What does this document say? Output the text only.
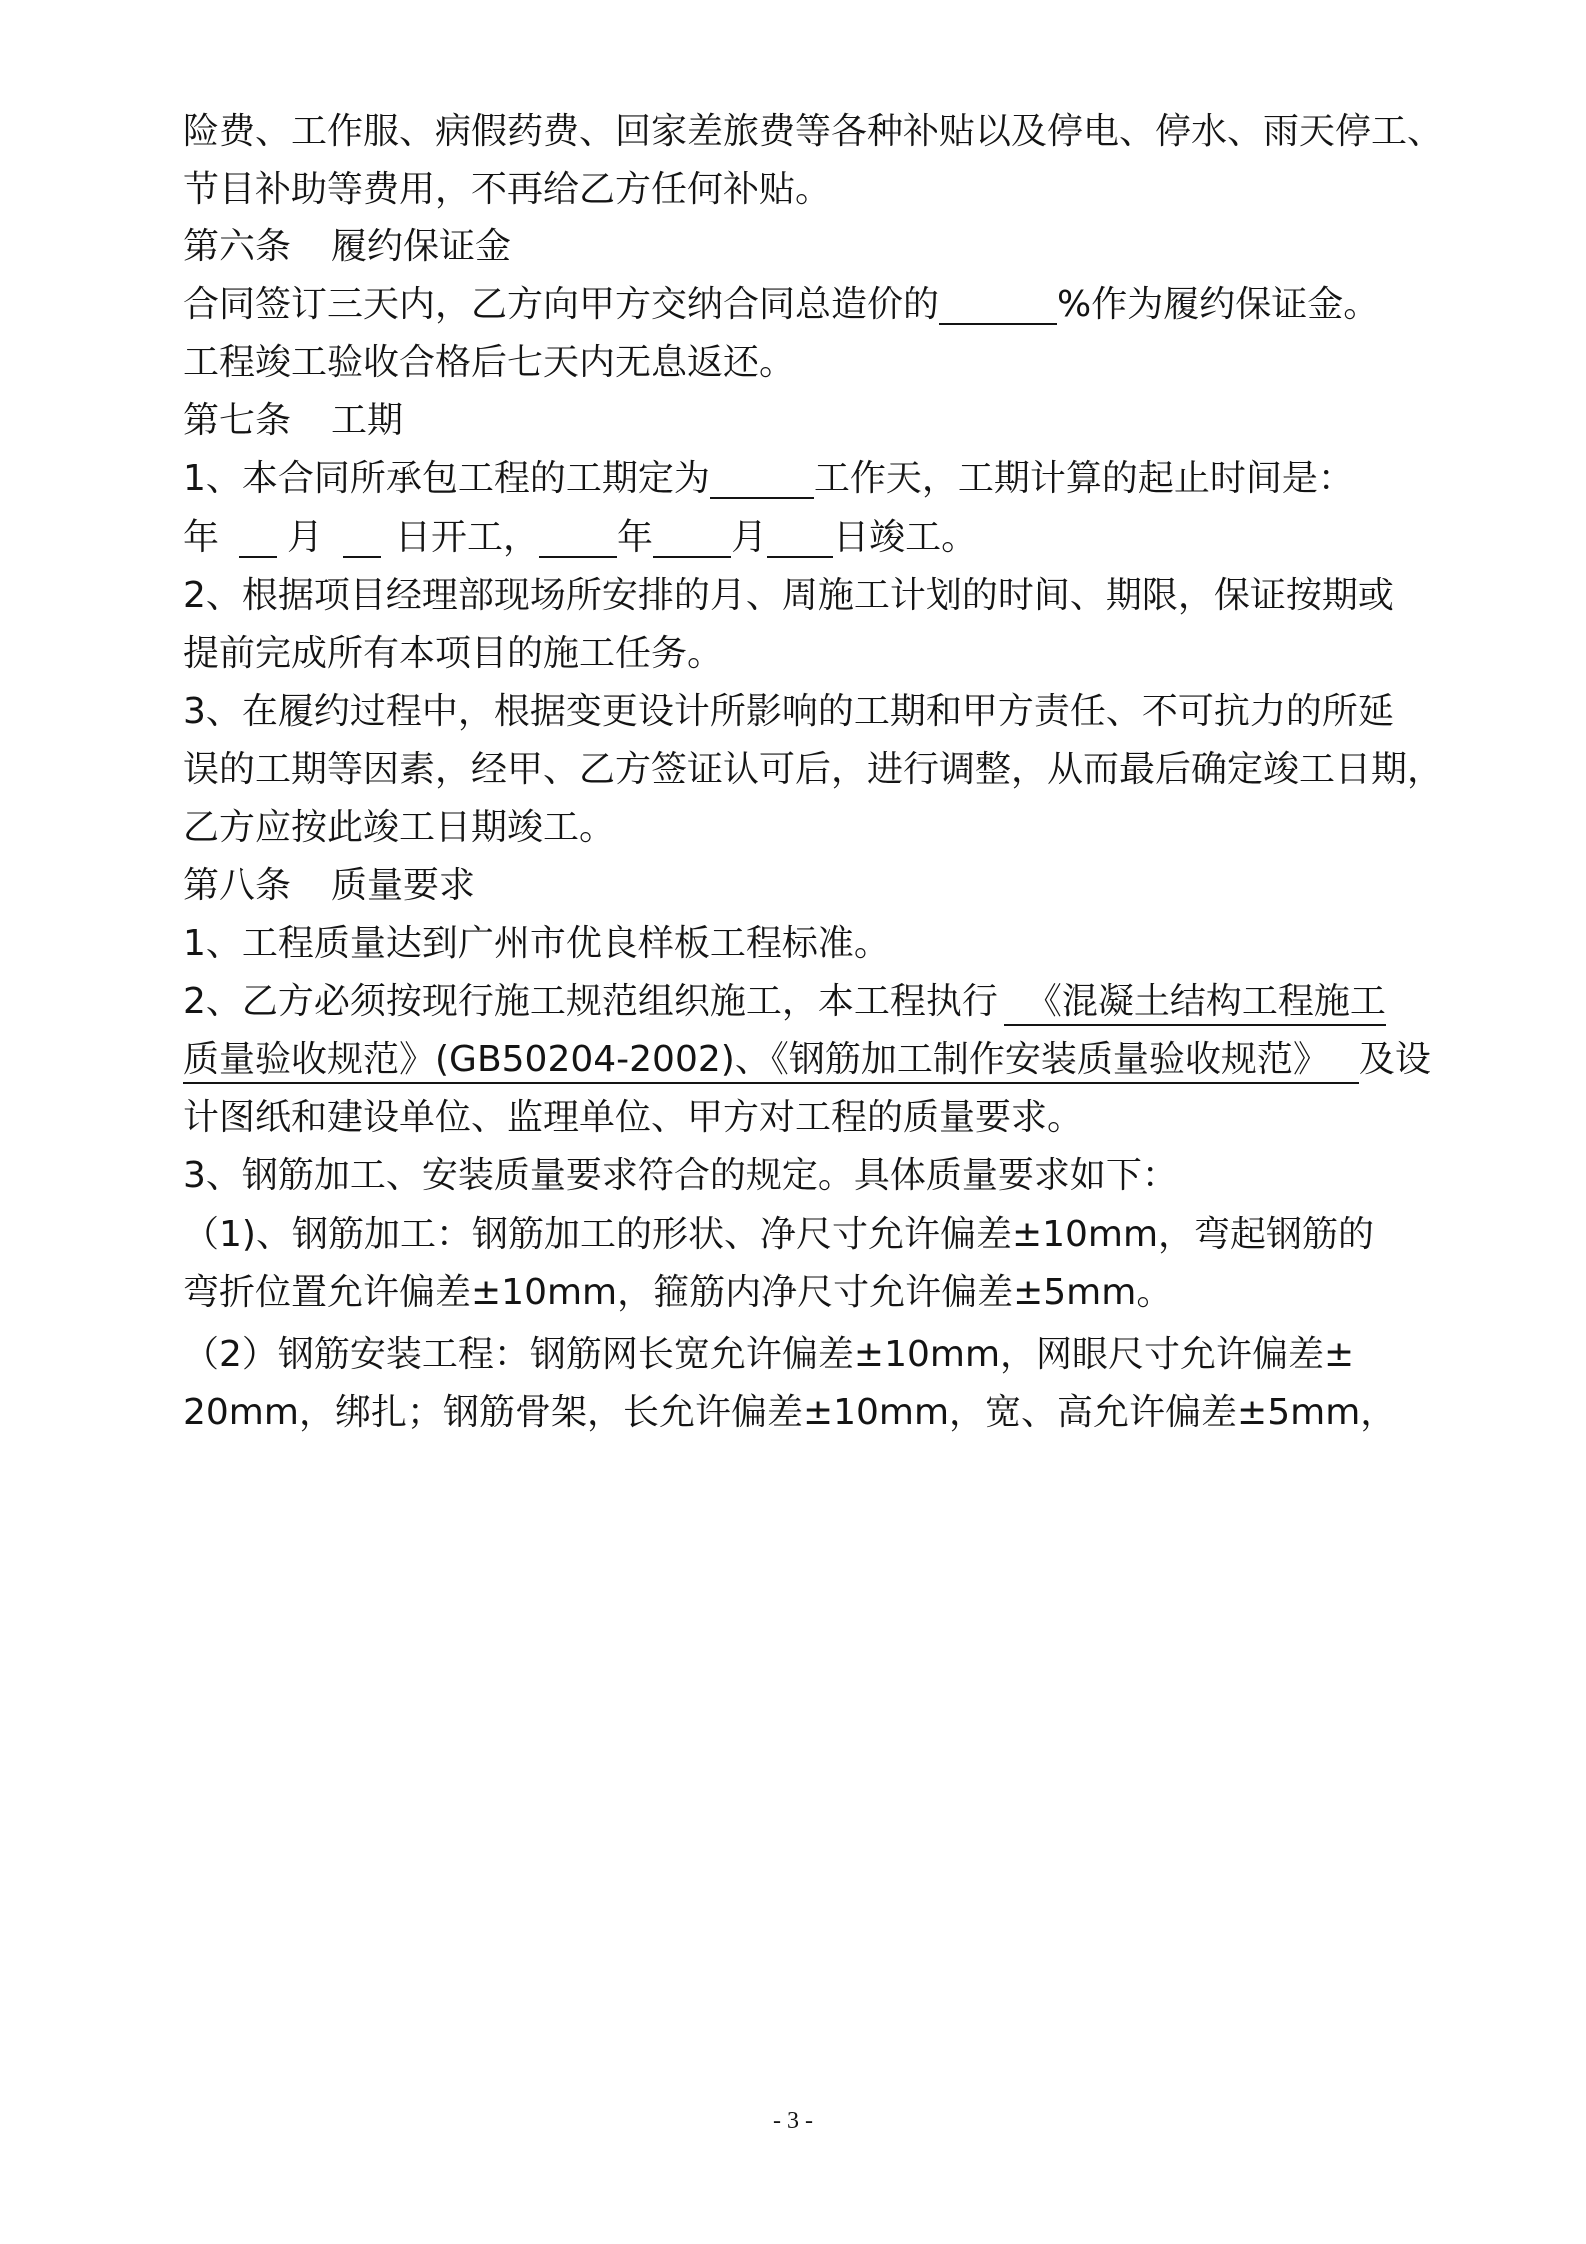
险费、工作服、病假药费、回家差旅费等各种补贴以及停电、停水、雨天停工、
节目补助等费用，不再给乙方任何补贴。
第六条 履约保证金
合同签订三天内，乙方向甲方交纳合同总造价的	%作为履约保证金。
工程竣工验收合格后七天内无息返还。
第七条 工期
1、本合同所承包工程的工期定为	工作天，工期计算的起止时间是：
年 月 日开工， 年 月 日竣工。
2、根据项目经理部现场所安排的月、周施工计划的时间、期限，保证按期或
提前完成所有本项目的施工任务。
3、在履约过程中，根据变更设计所影响的工期和甲方责任、不可抗力的所延
误的工期等因素，经甲、乙方签证认可后，进行调整，从而最后确定竣工日期，
乙方应按此竣工日期竣工。
第八条 质量要求
1、工程质量达到广州市优良样板工程标准。
2、乙方必须按现行施工规范组织施工，本工程执行 《混凝土结构工程施工
质量验收规范》(GB50204-2002)、《钢筋加工制作安装质量验收规范》 及设
计图纸和建设单位、监理单位、甲方对工程的质量要求。
3、钢筋加工、安装质量要求符合的规定。具体质量要求如下：
（1)、钢筋加工：钢筋加工的形状、净尺寸允许偏差±10mm，弯起钢筋的
弯折位置允许偏差±10mm，箍筋内净尺寸允许偏差±5mm。
（2）钢筋安装工程：钢筋网长宽允许偏差±10mm，网眼尺寸允许偏差±
20mm，绑扎；钢筋骨架，长允许偏差±10mm，宽、高允许偏差±5mm，
- 3 -
